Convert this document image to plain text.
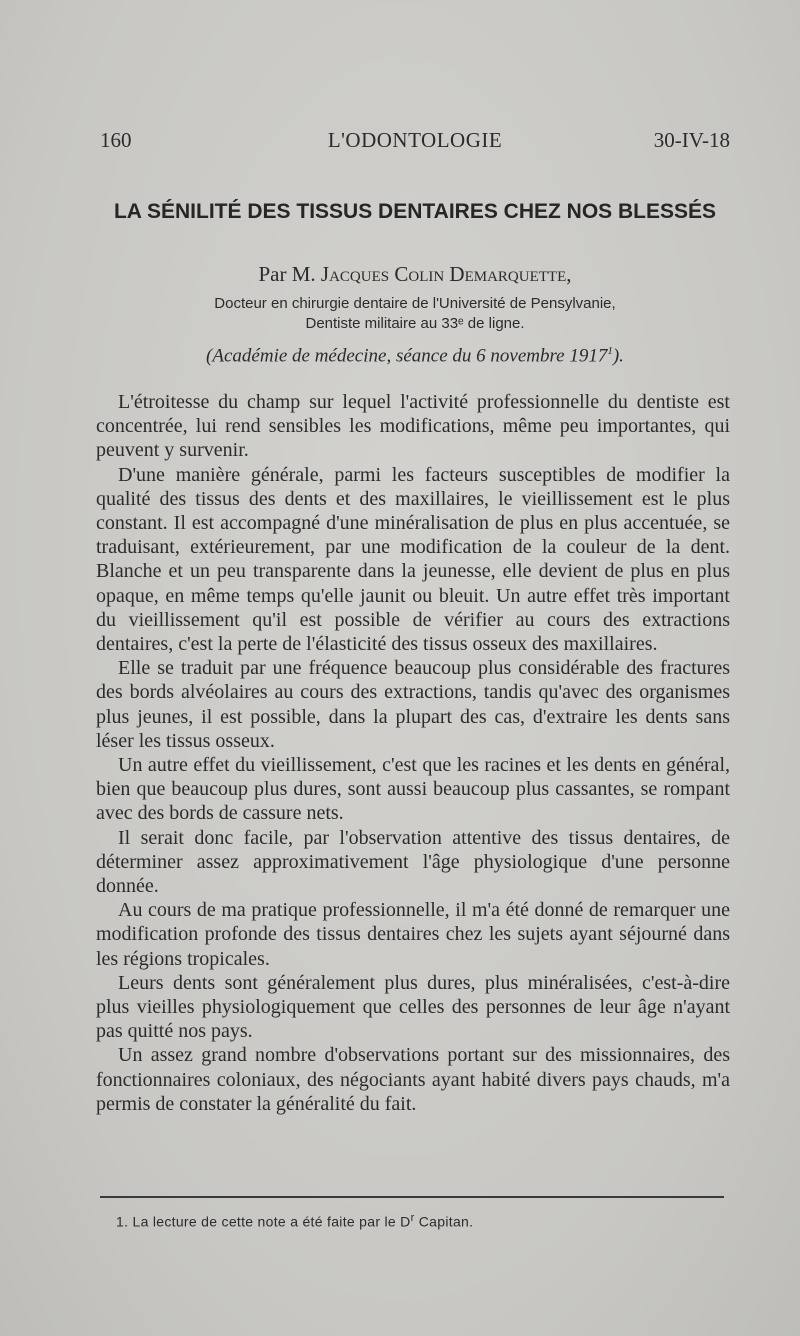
160	L'ODONTOLOGIE	30-IV-18
LA SÉNILITÉ DES TISSUS DENTAIRES CHEZ NOS BLESSÉS
Par M. Jacques Colin Demarquette,
Docteur en chirurgie dentaire de l'Université de Pensylvanie,
Dentiste militaire au 33ᵉ de ligne.
(Académie de médecine, séance du 6 novembre 1917$^1$).

L'étroitesse du champ sur lequel l'activité professionnelle du dentiste est concentrée, lui rend sensibles les modifications, même peu importantes, qui peuvent y survenir.

D'une manière générale, parmi les facteurs susceptibles de modifier la qualité des tissus des dents et des maxillaires, le vieillissement est le plus constant. Il est accompagné d'une minéralisation de plus en plus accentuée, se traduisant, extérieurement, par une modification de la couleur de la dent. Blanche et un peu transparente dans la jeunesse, elle devient de plus en plus opaque, en même temps qu'elle jaunit ou bleuit. Un autre effet très important du vieillissement qu'il est possible de vérifier au cours des extractions dentaires, c'est la perte de l'élasticité des tissus osseux des maxillaires.

Elle se traduit par une fréquence beaucoup plus considérable des fractures des bords alvéolaires au cours des extractions, tandis qu'avec des organismes plus jeunes, il est possible, dans la plupart des cas, d'extraire les dents sans léser les tissus osseux.

Un autre effet du vieillissement, c'est que les racines et les dents en général, bien que beaucoup plus dures, sont aussi beaucoup plus cassantes, se rompant avec des bords de cassure nets.

Il serait donc facile, par l'observation attentive des tissus dentaires, de déterminer assez approximativement l'âge physiologique d'une personne donnée.

Au cours de ma pratique professionnelle, il m'a été donné de remarquer une modification profonde des tissus dentaires chez les sujets ayant séjourné dans les régions tropicales.

Leurs dents sont généralement plus dures, plus minéralisées, c'est-à-dire plus vieilles physiologiquement que celles des personnes de leur âge n'ayant pas quitté nos pays.

Un assez grand nombre d'observations portant sur des missionnaires, des fonctionnaires coloniaux, des négociants ayant habité divers pays chauds, m'a permis de constater la généralité du fait.

1. La lecture de cette note a été faite par le $D^r$ Capitan.
